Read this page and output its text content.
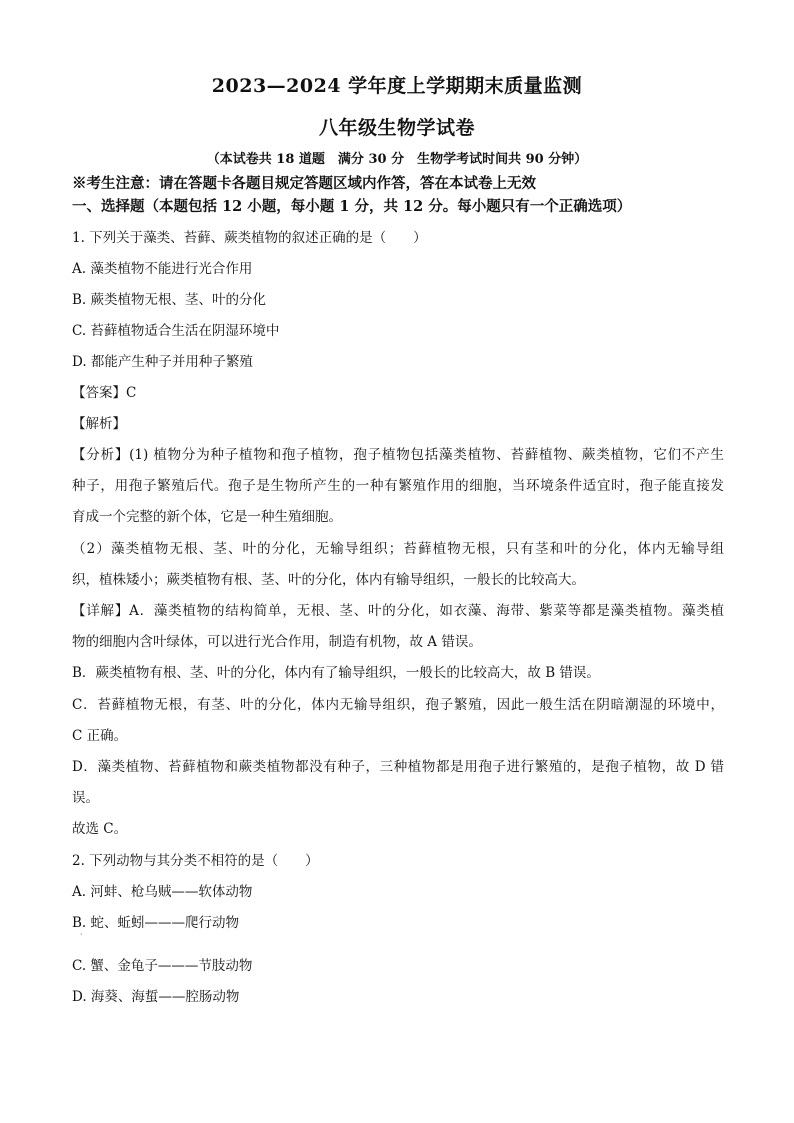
2023—2024 学年度上学期期末质量监测
八年级生物学试卷
（本试卷共 18 道题　满分 30 分　生物学考试时间共 90 分钟）
※考生注意：请在答题卡各题目规定答题区域内作答，答在本试卷上无效
一、选择题（本题包括 12 小题，每小题 1 分，共 12 分。每小题只有一个正确选项）
1. 下列关于藻类、苔藓、蕨类植物的叙述正确的是（　　）
A. 藻类植物不能进行光合作用
B. 蕨类植物无根、茎、叶的分化
C. 苔藓植物适合生活在阴湿环境中
D. 都能产生种子并用种子繁殖
【答案】C
【解析】
【分析】(1) 植物分为种子植物和孢子植物，孢子植物包括藻类植物、苔藓植物、蕨类植物，它们不产生
种子，用孢子繁殖后代。孢子是生物所产生的一种有繁殖作用的细胞，当环境条件适宜时，孢子能直接发
育成一个完整的新个体，它是一种生殖细胞。
（2）藻类植物无根、茎、叶的分化，无输导组织；苔藓植物无根，只有茎和叶的分化，体内无输导组
织，植株矮小；蕨类植物有根、茎、叶的分化，体内有输导组织，一般长的比较高大。
【详解】A．藻类植物的结构简单，无根、茎、叶的分化，如衣藻、海带、紫菜等都是藻类植物。藻类植
物的细胞内含叶绿体，可以进行光合作用，制造有机物，故 A 错误。
B．蕨类植物有根、茎、叶的分化，体内有了输导组织，一般长的比较高大，故 B 错误。
C．苔藓植物无根，有茎、叶的分化，体内无输导组织，孢子繁殖，因此一般生活在阴暗潮湿的环境中，
C 正确。
D．藻类植物、苔藓植物和蕨类植物都没有种子，三种植物都是用孢子进行繁殖的，是孢子植物，故 D 错
误。
故选 C。
2. 下列动物与其分类不相符的是（　　）
A. 河蚌、枪乌贼——软体动物
B. 蛇、蚯蚓———爬行动物
·
C. 蟹、金龟子———节肢动物
D. 海葵、海蜇——腔肠动物
